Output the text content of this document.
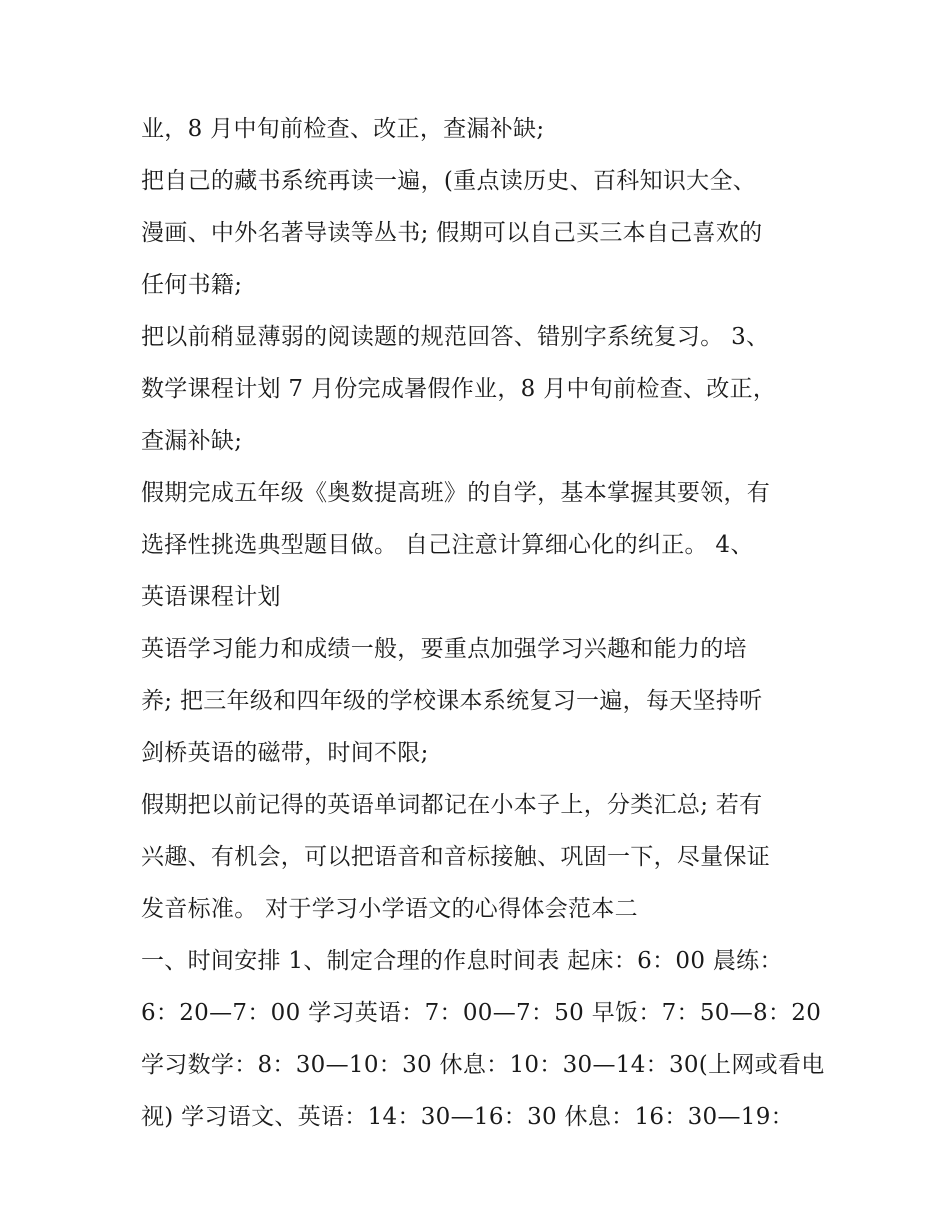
业，8 月中旬前检查、改正，查漏补缺;
把自己的藏书系统再读一遍，(重点读历史、百科知识大全、
漫画、中外名著导读等丛书; 假期可以自己买三本自己喜欢的
任何书籍;
把以前稍显薄弱的阅读题的规范回答、错别字系统复习。 3、
数学课程计划 7 月份完成暑假作业，8 月中旬前检查、改正，
查漏补缺;
假期完成五年级《奥数提高班》的自学，基本掌握其要领，有
选择性挑选典型题目做。 自己注意计算细心化的纠正。 4、
英语课程计划
英语学习能力和成绩一般，要重点加强学习兴趣和能力的培
养; 把三年级和四年级的学校课本系统复习一遍，每天坚持听
剑桥英语的磁带，时间不限;
假期把以前记得的英语单词都记在小本子上，分类汇总; 若有
兴趣、有机会，可以把语音和音标接触、巩固一下，尽量保证
发音标准。 对于学习小学语文的心得体会范本二
一、时间安排 1、制定合理的作息时间表 起床：6：00 晨练：
6：20—7：00 学习英语：7：00—7：50 早饭：7：50—8：20
学习数学：8：30—10：30 休息：10：30—14：30(上网或看电
视) 学习语文、英语：14：30—16：30 休息：16：30—19：
